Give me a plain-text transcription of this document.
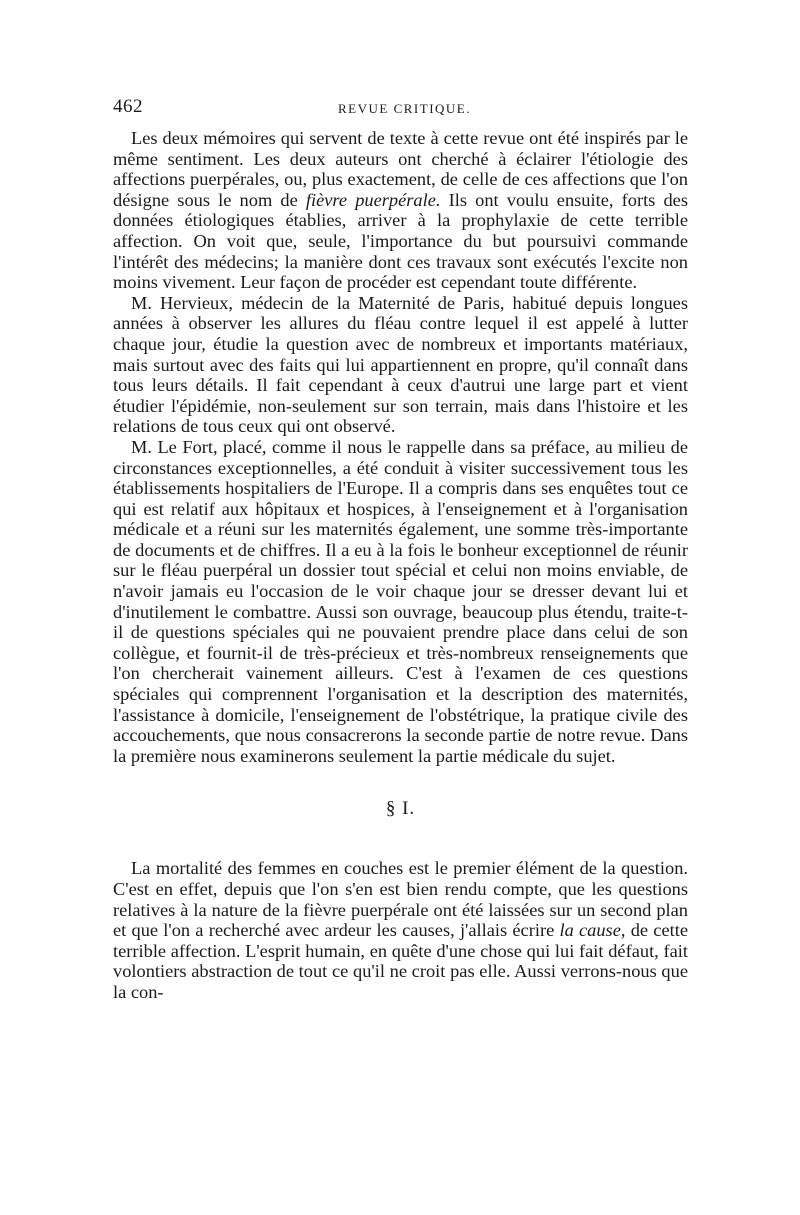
462	REVUE CRITIQUE.

Les deux mémoires qui servent de texte à cette revue ont été inspirés par le même sentiment. Les deux auteurs ont cherché à éclairer l'étiologie des affections puerpérales, ou, plus exactement, de celle de ces affections que l'on désigne sous le nom de fièvre puerpérale. Ils ont voulu ensuite, forts des données étiologiques établies, arriver à la prophylaxie de cette terrible affection. On voit que, seule, l'importance du but poursuivi commande l'intérêt des médecins; la manière dont ces travaux sont exécutés l'excite non moins vivement. Leur façon de procéder est cependant toute différente.

M. Hervieux, médecin de la Maternité de Paris, habitué depuis longues années à observer les allures du fléau contre lequel il est appelé à lutter chaque jour, étudie la question avec de nombreux et importants matériaux, mais surtout avec des faits qui lui appartiennent en propre, qu'il connaît dans tous leurs détails. Il fait cependant à ceux d'autrui une large part et vient étudier l'épidémie, non-seulement sur son terrain, mais dans l'histoire et les relations de tous ceux qui ont observé.

M. Le Fort, placé, comme il nous le rappelle dans sa préface, au milieu de circonstances exceptionnelles, a été conduit à visiter successivement tous les établissements hospitaliers de l'Europe. Il a compris dans ses enquêtes tout ce qui est relatif aux hôpitaux et hospices, à l'enseignement et à l'organisation médicale et a réuni sur les maternités également, une somme très-importante de documents et de chiffres. Il a eu à la fois le bonheur exceptionnel de réunir sur le fléau puerpéral un dossier tout spécial et celui non moins enviable, de n'avoir jamais eu l'occasion de le voir chaque jour se dresser devant lui et d'inutilement le combattre. Aussi son ouvrage, beaucoup plus étendu, traite-t-il de questions spéciales qui ne pouvaient prendre place dans celui de son collègue, et fournit-il de très-précieux et très-nombreux renseignements que l'on chercherait vainement ailleurs. C'est à l'examen de ces questions spéciales qui comprennent l'organisation et la description des maternités, l'assistance à domicile, l'enseignement de l'obstétrique, la pratique civile des accouchements, que nous consacrerons la seconde partie de notre revue. Dans la première nous examinerons seulement la partie médicale du sujet.

§ I.

La mortalité des femmes en couches est le premier élément de la question. C'est en effet, depuis que l'on s'en est bien rendu compte, que les questions relatives à la nature de la fièvre puerpérale ont été laissées sur un second plan et que l'on a recherché avec ardeur les causes, j'allais écrire la cause, de cette terrible affection. L'esprit humain, en quête d'une chose qui lui fait défaut, fait volontiers abstraction de tout ce qu'il ne croit pas elle. Aussi verrons-nous que la con-
